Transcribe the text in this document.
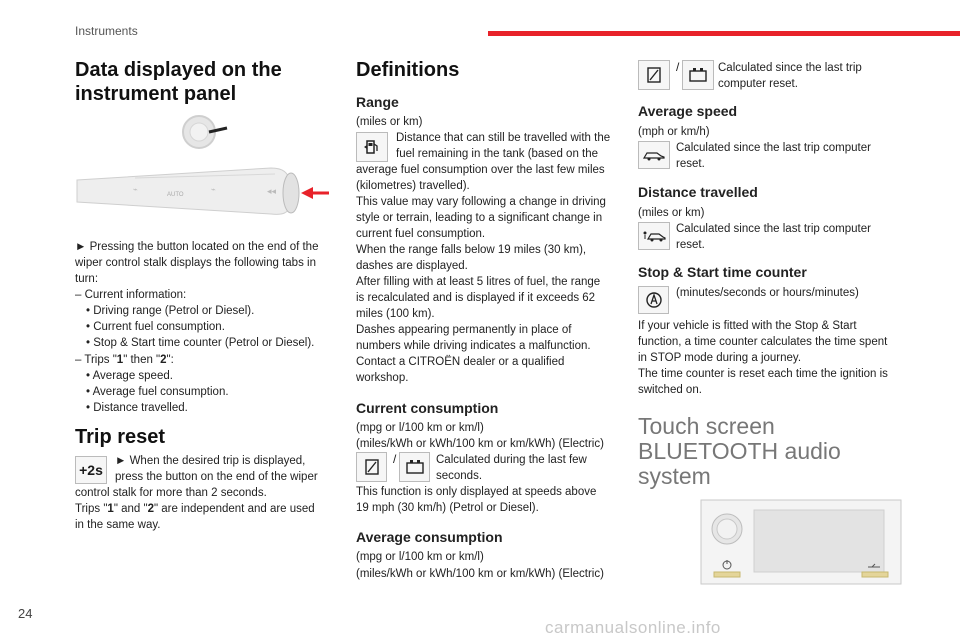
Instruments
Data displayed on the instrument panel
AUTO
⌁	⌁	◂◂
► Pressing the button located on the end of the wiper control stalk displays the following tabs in turn:
– Current information:
• Driving range (Petrol or Diesel).
• Current fuel consumption.
• Stop & Start time counter (Petrol or Diesel).
– Trips "1" then "2":
• Average speed.
• Average fuel consumption.
• Distance travelled.
Trip reset
+2s
► When the desired trip is displayed,
press the button on the end of the wiper
control stalk for more than 2 seconds.
Trips "1" and "2" are independent and are used
in the same way.
Definitions
Range
(miles or km)
Distance that can still be travelled with the
fuel remaining in the tank (based on the
average fuel consumption over the last few miles
(kilometres) travelled).
This value may vary following a change in driving
style or terrain, leading to a significant change in
current fuel consumption.
When the range falls below 19 miles (30 km),
dashes are displayed.
After filling with at least 5 litres of fuel, the range
is recalculated and is displayed if it exceeds 62
miles (100 km).
Dashes appearing permanently in place of
numbers while driving indicates a malfunction.
Contact a CITROËN dealer or a qualified
workshop.
Current consumption
(mpg or l/100 km or km/l)
(miles/kWh or kWh/100 km or km/kWh) (Electric)
/	Calculated during the last few
seconds.
This function is only displayed at speeds above
19 mph (30 km/h) (Petrol or Diesel).
Average consumption
(mpg or l/100 km or km/l)
(miles/kWh or kWh/100 km or km/kWh) (Electric)
/	Calculated since the last trip
computer reset.
Average speed
(mph or km/h)
Calculated since the last trip computer
reset.
Distance travelled
(miles or km)
Calculated since the last trip computer
reset.
Stop & Start time counter
(minutes/seconds or hours/minutes)
If your vehicle is fitted with the Stop & Start
function, a time counter calculates the time spent
in STOP mode during a journey.
The time counter is reset each time the ignition is
switched on.
Touch screen
BLUETOOTH audio
system
24
carmanualsonline.info
